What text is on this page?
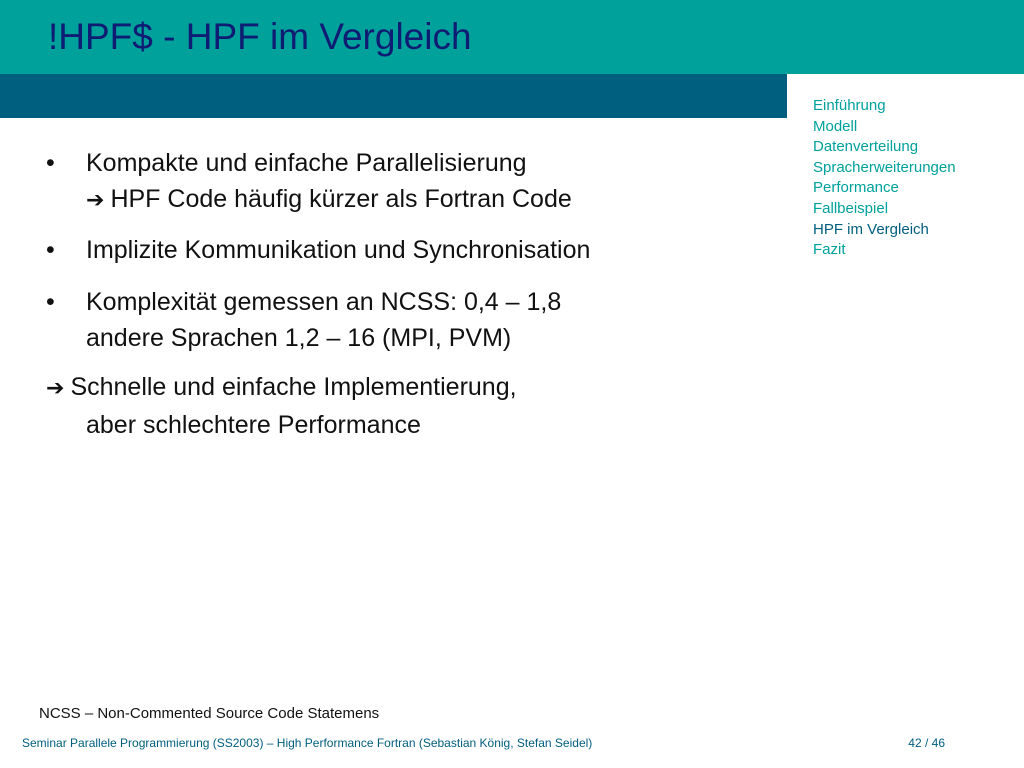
!HPF$ - HPF im Vergleich
Einführung
Modell
Datenverteilung
Spracherweiterungen
Performance
Fallbeispiel
HPF im Vergleich
Fazit
• Kompakte und einfache Parallelisierung
➔ HPF Code häufig kürzer als Fortran Code
• Implizite Kommunikation und Synchronisation
• Komplexität gemessen an NCSS: 0,4 – 1,8
andere Sprachen 1,2 – 16 (MPI, PVM)
➔ Schnelle und einfache Implementierung,
aber schlechtere Performance
NCSS – Non-Commented Source Code Statemens
Seminar Parallele Programmierung (SS2003) – High Performance Fortran (Sebastian König, Stefan Seidel)	42 / 46
